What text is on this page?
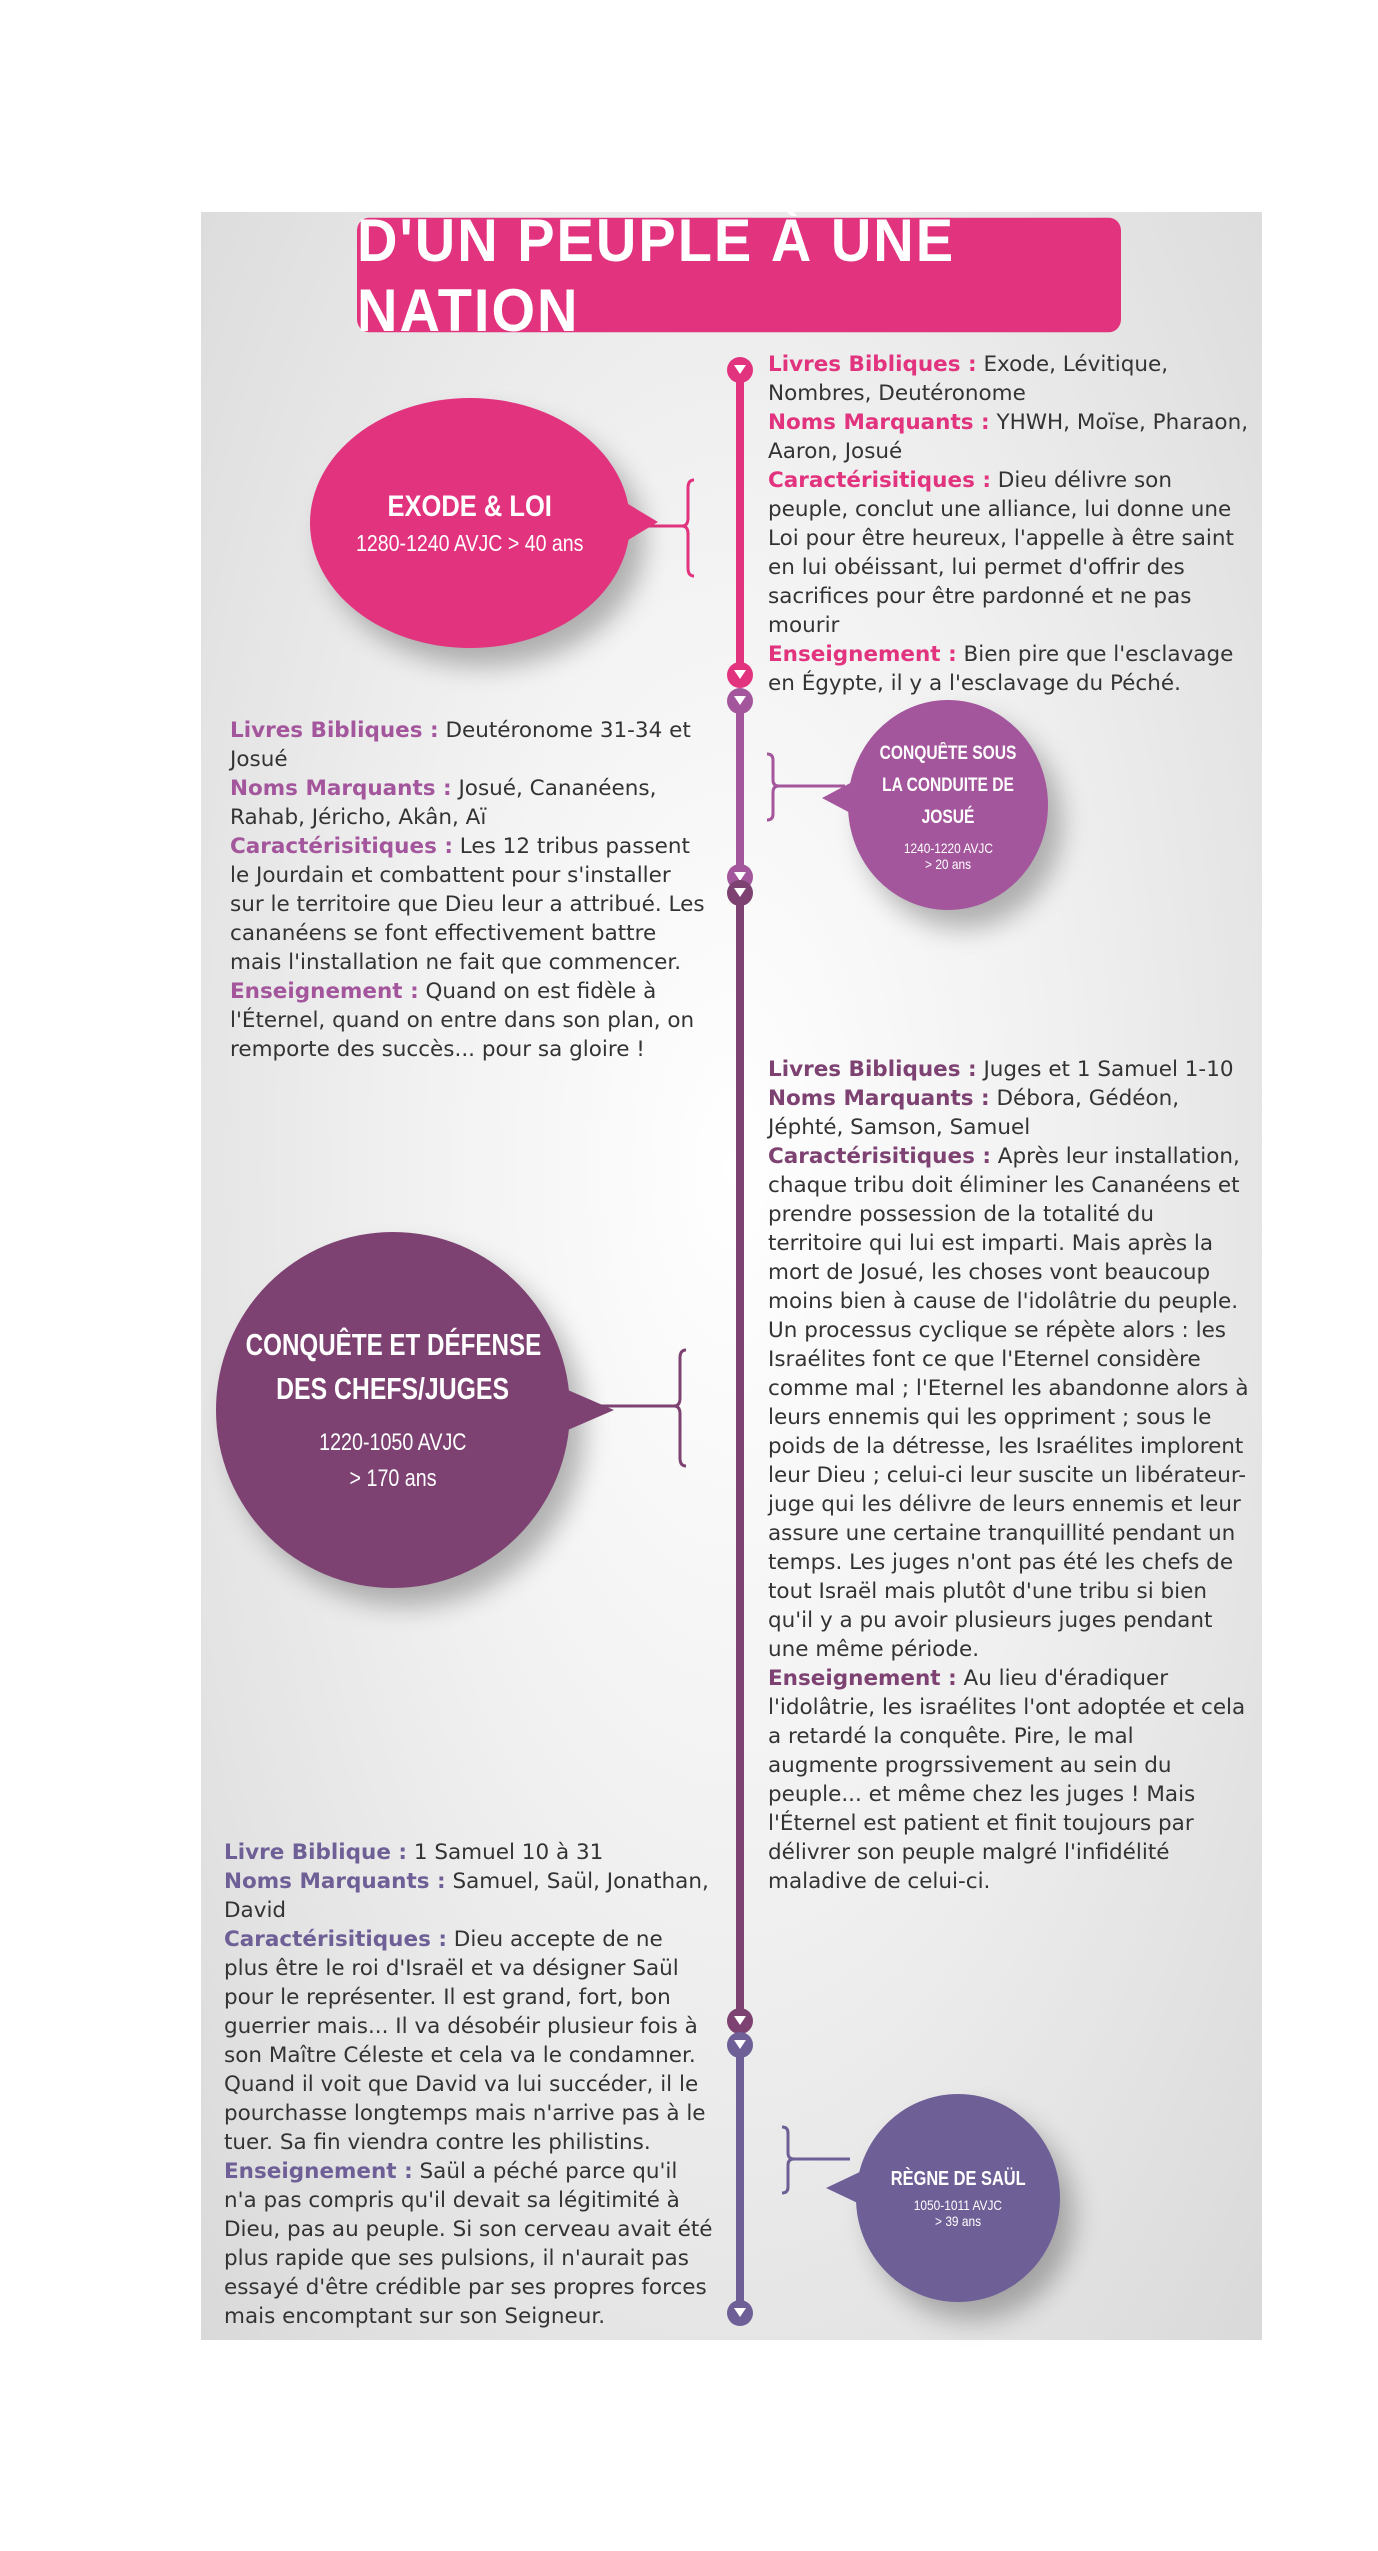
D'UN PEUPLE À UNE NATION
EXODE & LOI
1280-1240 AVJC > 40 ans
CONQUÊTE SOUS LA CONDUITE DE JOSUÉ
1240-1220 AVJC
> 20 ans
CONQUÊTE ET DÉFENSE
DES CHEFS/JUGES
1220-1050 AVJC
> 170 ans
RÈGNE DE SAÜL
1050-1011 AVJC
> 39 ans

Livres Bibliques : Exode, Lévitique, Nombres, Deutéronome

Noms Marquants : YHWH, Moïse, Pharaon, Aaron, Josué

Caractérisitiques : Dieu délivre son peuple, conclut une alliance, lui donne une Loi pour être heureux, l'appelle à être saint en lui obéissant, lui permet d'offrir des sacrifices pour être pardonné et ne pas mourir

Enseignement : Bien pire que l'esclavage en Égypte, il y a l'esclavage du Péché.

Livres Bibliques : Deutéronome 31-34 et Josué

Noms Marquants : Josué, Cananéens, Rahab, Jéricho, Akân, Aï

Caractérisitiques : Les 12 tribus passent le Jourdain et combattent pour s'installer sur le territoire que Dieu leur a attribué. Les cananéens se font effectivement battre mais l'installation ne fait que commencer.

Enseignement : Quand on est fidèle à l'Éternel, quand on entre dans son plan, on remporte des succès... pour sa gloire !

Livres Bibliques : Juges et 1 Samuel 1-10

Noms Marquants : Débora, Gédéon, Jéphté, Samson, Samuel

Caractérisitiques : Après leur installation, chaque tribu doit éliminer les Cananéens et prendre possession de la totalité du territoire qui lui est imparti. Mais après la mort de Josué, les choses vont beaucoup moins bien à cause de l'idolâtrie du peuple. Un processus cyclique se répète alors : les Israélites font ce que l'Eternel considère comme mal ; l'Eternel les abandonne alors à leurs ennemis qui les oppriment ; sous le poids de la détresse, les Israélites implorent leur Dieu ; celui-ci leur suscite un libérateur-juge qui les délivre de leurs ennemis et leur assure une certaine tranquillité pendant un temps. Les juges n'ont pas été les chefs de tout Israël mais plutôt d'une tribu si bien qu'il y a pu avoir plusieurs juges pendant une même période.

Enseignement : Au lieu d'éradiquer l'idolâtrie, les israélites l'ont adoptée et cela a retardé la conquête. Pire, le mal augmente progrssivement au sein du peuple... et même chez les juges ! Mais l'Éternel est patient et finit toujours par délivrer son peuple malgré l'infidélité maladive de celui-ci.

Livre Biblique : 1 Samuel 10 à 31

Noms Marquants : Samuel, Saül, Jonathan, David

Caractérisitiques : Dieu accepte de ne plus être le roi d'Israël et va désigner Saül pour le représenter. Il est grand, fort, bon guerrier mais... Il va désobéir plusieur fois à son Maître Céleste et cela va le condamner. Quand il voit que David va lui succéder, il le pourchasse longtemps mais n'arrive pas à le tuer. Sa fin viendra contre les philistins.

Enseignement : Saül a péché parce qu'il n'a pas compris qu'il devait sa légitimité à Dieu, pas au peuple. Si son cerveau avait été plus rapide que ses pulsions, il n'aurait pas essayé d'être crédible par ses propres forces mais encomptant sur son Seigneur.
